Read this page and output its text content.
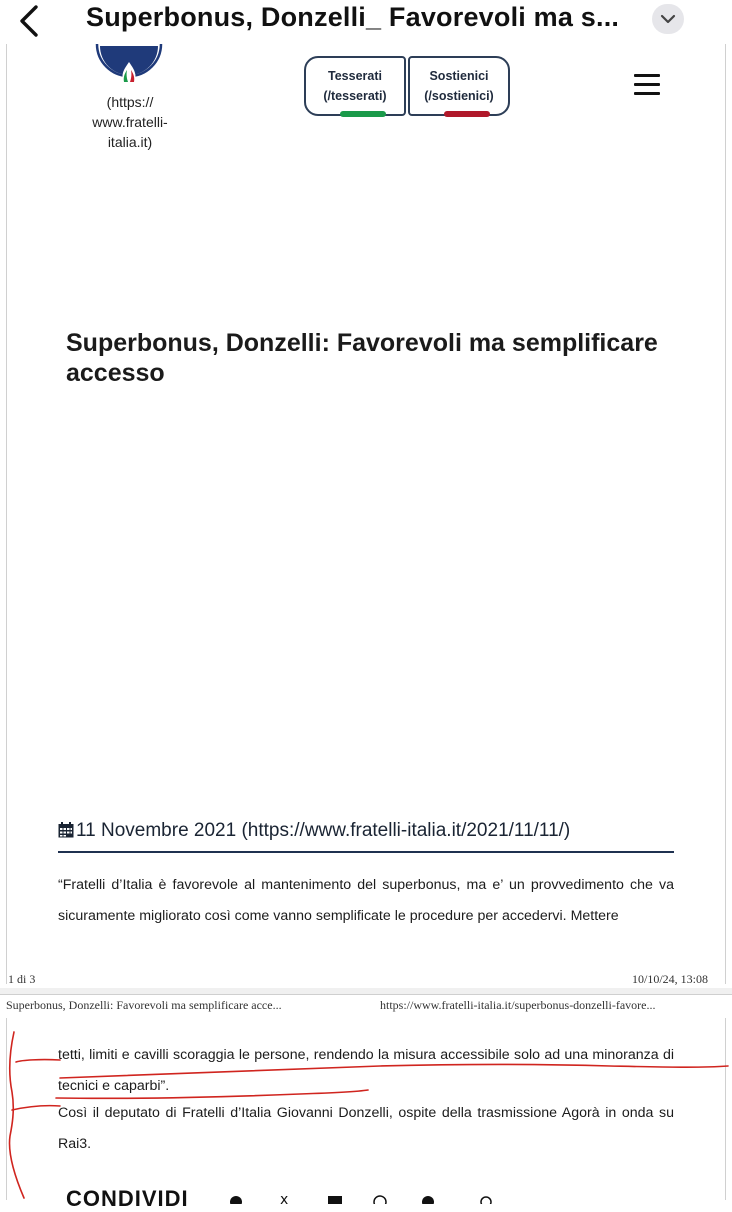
Superbonus, Donzelli_ Favorevoli ma s...
(https:// www.fratelli- italia.it)
Tesserati
(/tesserati)
Sostienici
(/sostienici)
Superbonus, Donzelli: Favorevoli ma semplificare accesso
11 Novembre 2021 (https://www.fratelli-italia.it/2021/11/11/)
“Fratelli d’Italia è favorevole al mantenimento del superbonus, ma e’ un provvedimento che va sicuramente migliorato così come vanno semplificate le procedure per accedervi. Mettere
1 di 3	10/10/24, 13:08
Superbonus, Donzelli: Favorevoli ma semplificare acce...	https://www.fratelli-italia.it/superbonus-donzelli-favore...
tetti, limiti e cavilli scoraggia le persone, rendendo la misura accessibile solo ad una minoranza di tecnici e caparbi”.
Così il deputato di Fratelli d’Italia Giovanni Donzelli, ospite della trasmissione Agorà in onda su Rai3.
CONDIVIDI	x
